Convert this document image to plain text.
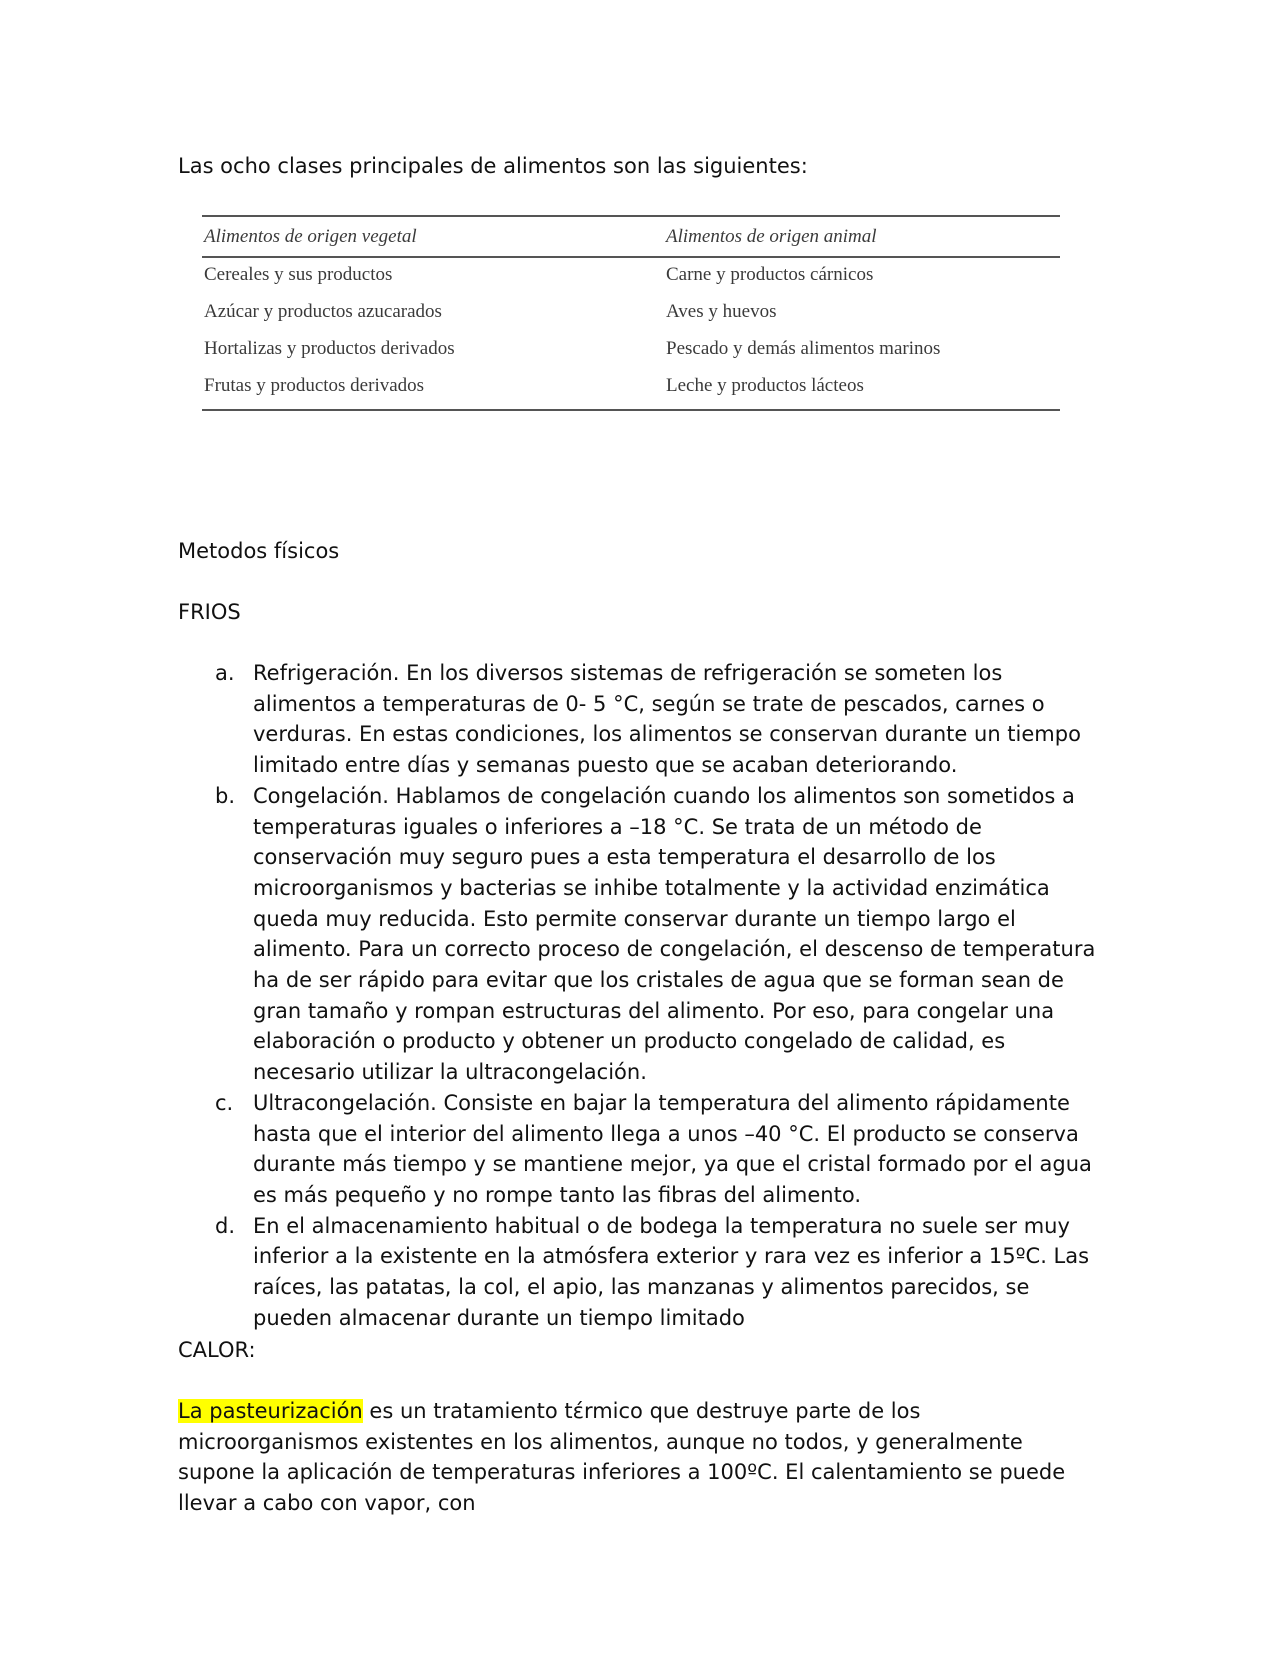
Las ocho clases principales de alimentos son las siguientes:
Alimentos de origen vegetal	Alimentos de origen animal
Cereales y sus productos	Carne y productos cárnicos
Azúcar y productos azucarados	Aves y huevos
Hortalizas y productos derivados	Pescado y demás alimentos marinos
Frutas y productos derivados	Leche y productos lácteos
Metodos físicos
FRIOS
a. Refrigeración. En los diversos sistemas de refrigeración se someten los alimentos a temperaturas de 0- 5 °C, según se trate de pescados, carnes o verduras. En estas condiciones, los alimentos se conservan durante un tiempo limitado entre días y semanas puesto que se acaban deteriorando.
b. Congelación. Hablamos de congelación cuando los alimentos son sometidos a temperaturas iguales o inferiores a –18 °C. Se trata de un método de conservación muy seguro pues a esta temperatura el desarrollo de los microorganismos y bacterias se inhibe totalmente y la actividad enzimática queda muy reducida. Esto permite conservar durante un tiempo largo el alimento. Para un correcto proceso de congelación, el descenso de temperatura ha de ser rápido para evitar que los cristales de agua que se forman sean de gran tamaño y rompan estructuras del alimento. Por eso, para congelar una elaboración o producto y obtener un producto congelado de calidad, es necesario utilizar la ultracongelación.
c. Ultracongelación. Consiste en bajar la temperatura del alimento rápidamente hasta que el interior del alimento llega a unos –40 °C. El producto se conserva durante más tiempo y se mantiene mejor, ya que el cristal formado por el agua es más pequeño y no rompe tanto las fibras del alimento.
d. En el almacenamiento habitual o de bodega la temperatura no suele ser muy inferior a la existente en la atmósfera exterior y rara vez es inferior a 15ºC. Las raíces, las patatas, la col, el apio, las manzanas y alimentos parecidos, se pueden almacenar durante un tiempo limitado
CALOR:

La pasteurización es un tratamiento tέrmico que destruye parte de los microorganismos existentes en los alimentos, aunque no todos, y generalmente supone la aplicaciόn de temperaturas inferiores a 100ºC. El calentamiento se puede llevar a cabo con vapor, con
